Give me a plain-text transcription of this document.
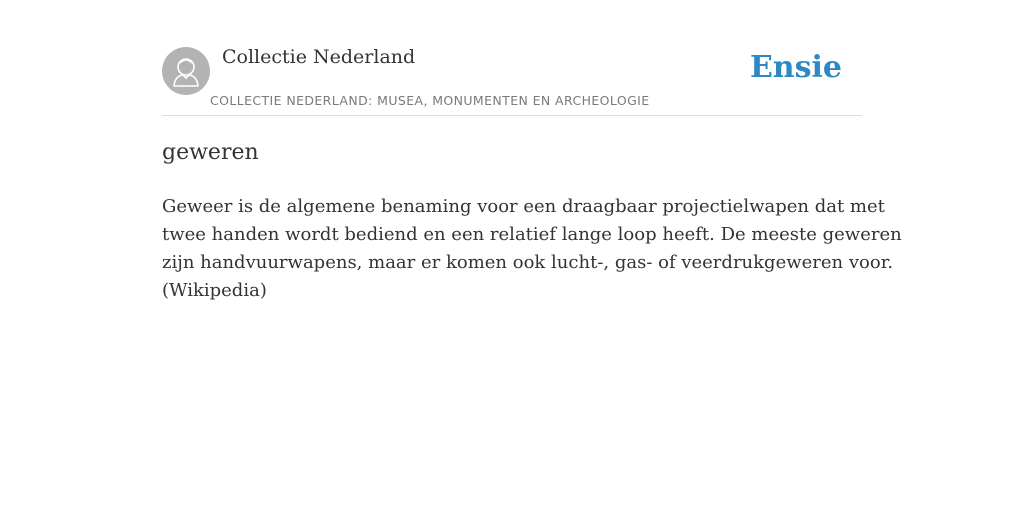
Collectie Nederland
COLLECTIE NEDERLAND: MUSEA, MONUMENTEN EN ARCHEOLOGIE
Ensie
geweren
Geweer is de algemene benaming voor een draagbaar projectielwapen dat met
twee handen wordt bediend en een relatief lange loop heeft. De meeste geweren
zijn handvuurwapens, maar er komen ook lucht-, gas- of veerdrukgeweren voor.
(Wikipedia)
